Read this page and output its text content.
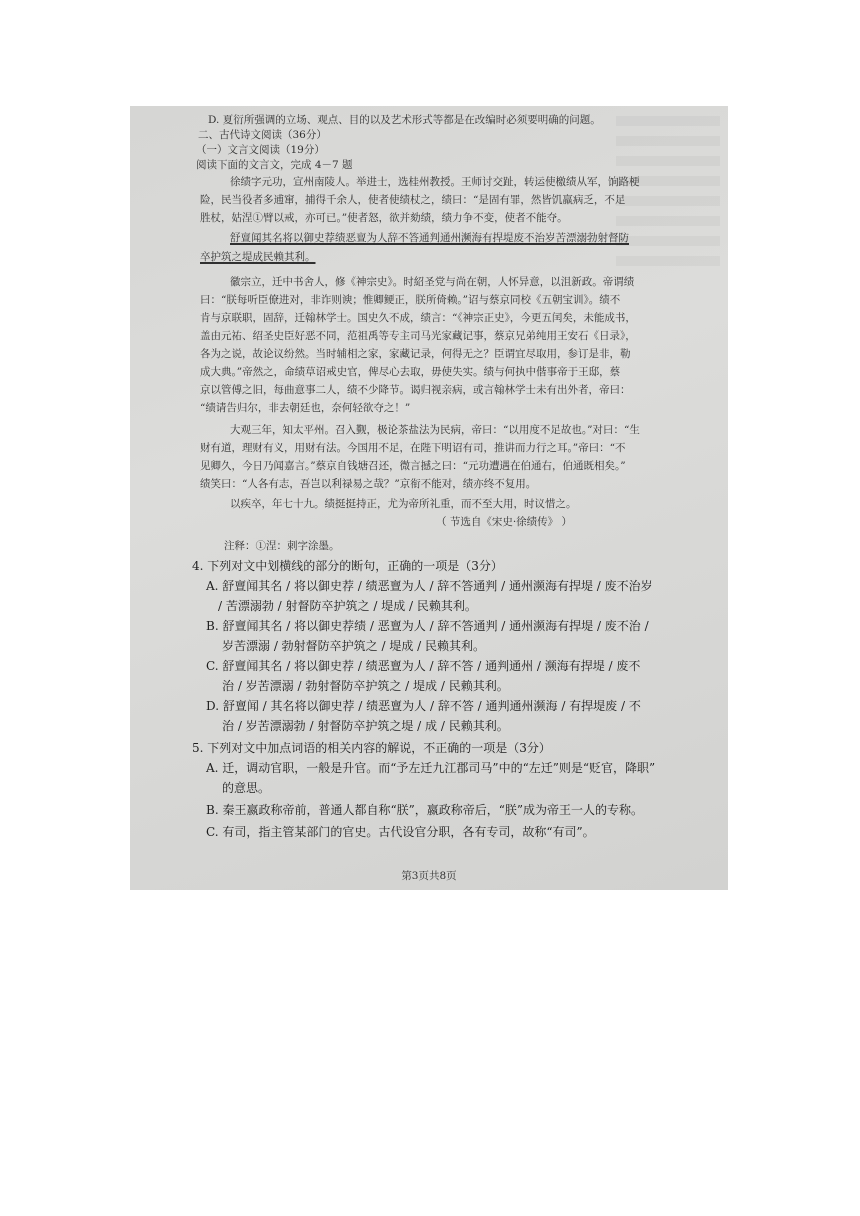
D. 夏衍所强调的立场、观点、目的以及艺术形式等都是在改编时必须要明确的问题。
二、古代诗文阅读（36分）
（一）文言文阅读（19分）
阅读下面的文言文，完成 4－7 题
徐绩字元功，宣州南陵人。举进士，选桂州教授。王师讨交趾，转运使檄绩从军，饷路梗
险，民当役者多逋窜，捕得千余人，使者使绩杖之，绩曰：“是固有罪，然皆饥羸病乏，不足
胜杖，姑涅①臂以戒，亦可已。”使者怒，欲并劾绩，绩力争不变，使者不能夺。
舒亶闻其名将以御史荐绩恶亶为人辞不答通判通州濒海有捍堤废不治岁苦漂溺勃射督防
卒护筑之堤成民赖其利。
徽宗立，迁中书舍人，修《神宗史》。时紹圣党与尚在朝，人怀异意，以沮新政。帝谓绩
曰：“朕每听臣僚进对，非诈则谀；惟卿鲠正，朕所倚赖。”诏与蔡京同校《五朝宝训》。绩不
肯与京联职，固辞，迁翰林学士。国史久不成，绩言：“《神宗正史》，今更五闰矣，未能成书，
盖由元祐、绍圣史臣好恶不同，范祖禹等专主司马光家藏记事，蔡京兄弟纯用王安石《日录》，
各为之说，故论议纷然。当时辅相之家，家藏记录，何得无之？臣谓宜尽取用，参订是非，勒
成大典。”帝然之，命绩草诏戒史官，俾尽心去取，毋使失实。绩与何执中偕事帝于王邸，蔡
京以管傅之旧，每曲意事二人，绩不少降节。谒归视亲病，或言翰林学士未有出外者，帝曰：
“绩请告归尔，非去朝廷也，奈何轻欲夺之！”
大观三年，知太平州。召入觐，极论茶盐法为民病，帝曰：“以用度不足故也。”对曰：“生
财有道，理财有义，用财有法。今国用不足，在陛下明诏有司，推讲而力行之耳。”帝曰：“不
见卿久，今日乃闻嘉言。”蔡京自钱塘召还，微言撼之曰：“元功遭遇在伯通右，伯通既相矣。”
绩笑曰：“人各有志，吾岂以利禄易之哉？”京衔不能对，绩亦终不复用。
以疾卒，年七十九。绩挺挺持正，尤为帝所礼重，而不至大用，时议惜之。
（ 节选自《宋史·徐绩传》 ）
注释：①涅：刺字涂墨。
4. 下列对文中划横线的部分的断句，正确的一项是（3分）
A. 舒亶闻其名 / 将以御史荐 / 绩恶亶为人 / 辞不答通判 / 通州濒海有捍堤 / 废不治岁
/ 苦漂溺勃 / 射督防卒护筑之 / 堤成 / 民赖其利。
B. 舒亶闻其名 / 将以御史荐绩 / 恶亶为人 / 辞不答通判 / 通州濒海有捍堤 / 废不治 /
岁苦漂溺 / 勃射督防卒护筑之 / 堤成 / 民赖其利。
C. 舒亶闻其名 / 将以御史荐 / 绩恶亶为人 / 辞不答 / 通判通州 / 濒海有捍堤 / 废不
治 / 岁苦漂溺 / 勃射督防卒护筑之 / 堤成 / 民赖其利。
D. 舒亶闻 / 其名将以御史荐 / 绩恶亶为人 / 辞不答 / 通判通州濒海 / 有捍堤废 / 不
治 / 岁苦漂溺勃 / 射督防卒护筑之堤 / 成 / 民赖其利。
5. 下列对文中加点词语的相关内容的解说，不正确的一项是（3分）
A. 迁，调动官职，一般是升官。而“予左迁九江郡司马”中的“左迁”则是“贬官，降职”
的意思。
B. 秦王嬴政称帝前，普通人都自称“朕”，嬴政称帝后，“朕”成为帝王一人的专称。
C. 有司，指主管某部门的官史。古代设官分职，各有专司，故称“有司”。
第3页共8页
